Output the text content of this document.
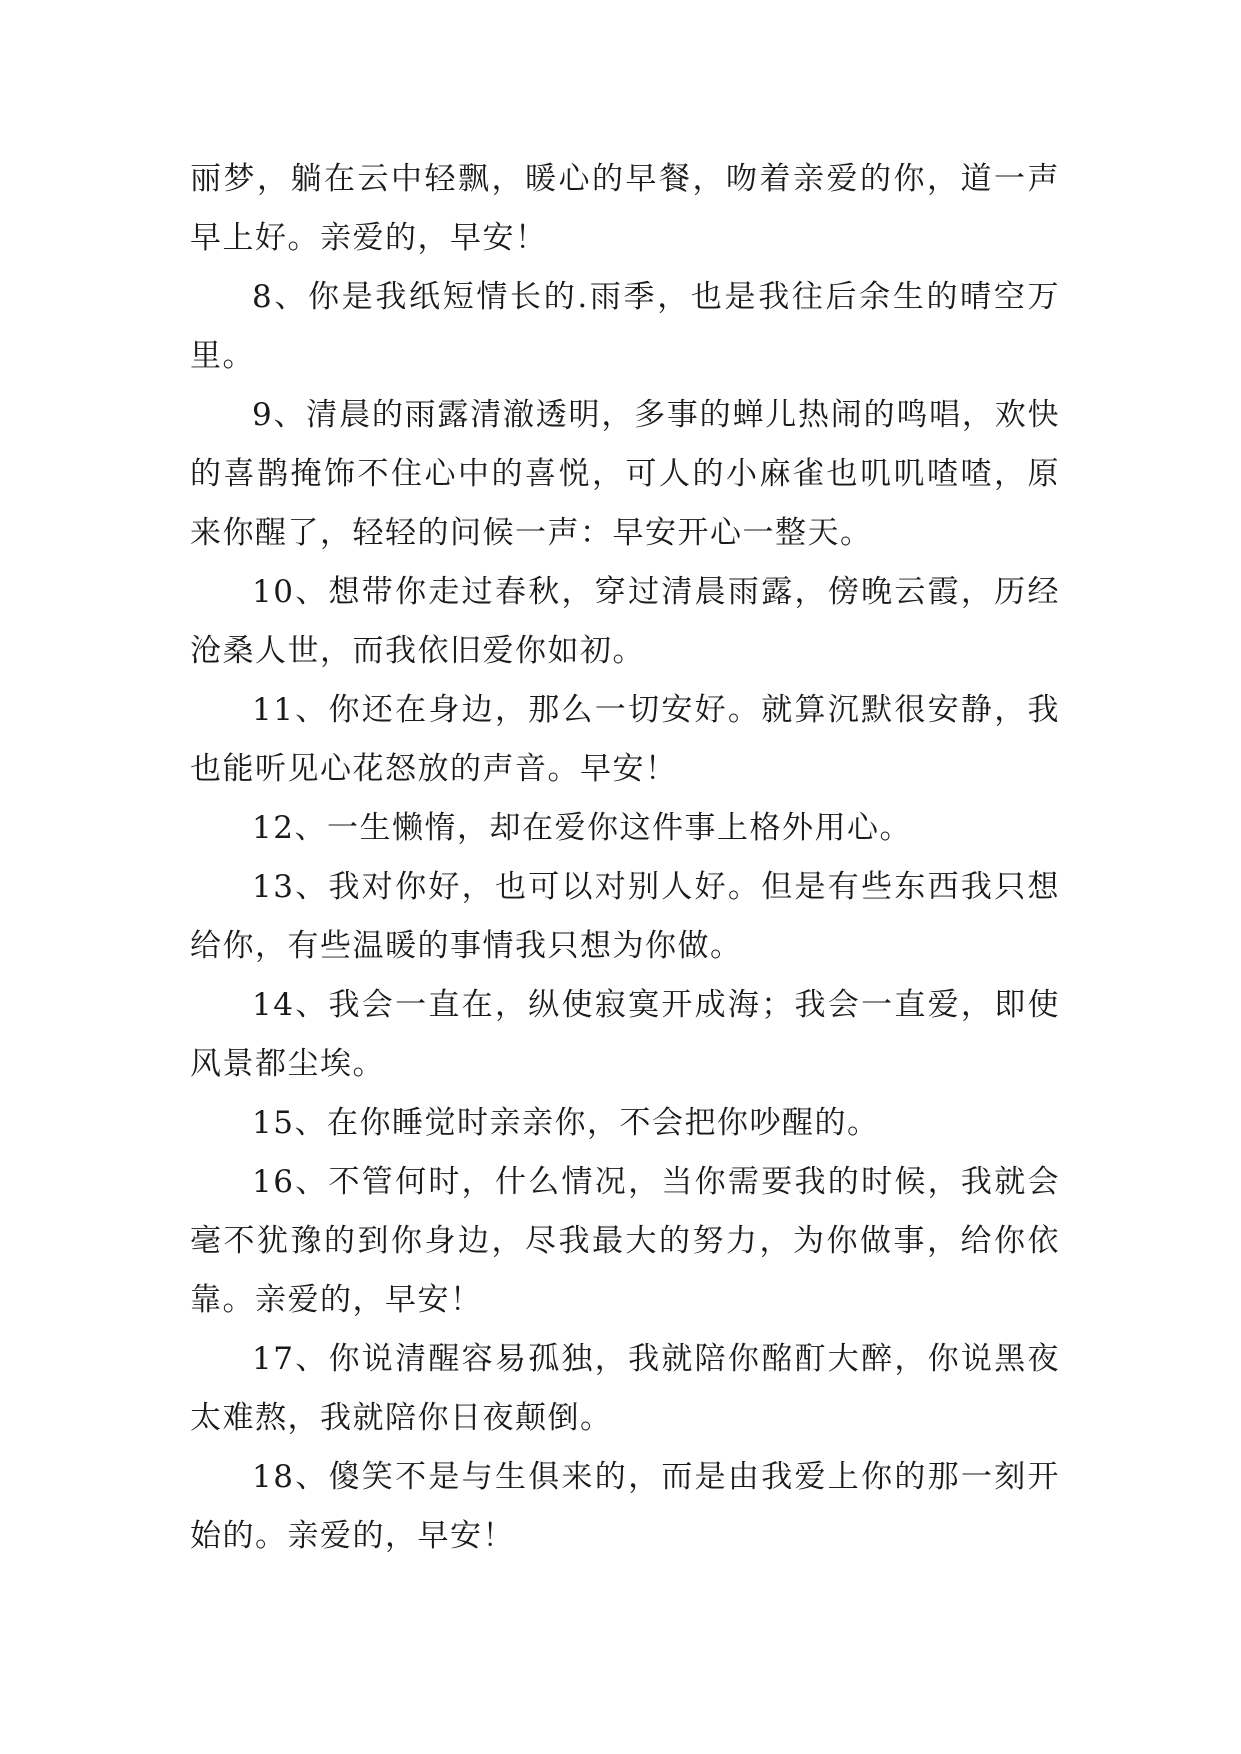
丽梦，躺在云中轻飘，暖心的早餐，吻着亲爱的你，道一声早上好。亲爱的，早安！

8、你是我纸短情长的.雨季，也是我往后余生的晴空万里。

9、清晨的雨露清澈透明，多事的蝉儿热闹的鸣唱，欢快的喜鹊掩饰不住心中的喜悦，可人的小麻雀也叽叽喳喳，原来你醒了，轻轻的问候一声：早安开心一整天。

10、想带你走过春秋，穿过清晨雨露，傍晚云霞，历经沧桑人世，而我依旧爱你如初。

11、你还在身边，那么一切安好。就算沉默很安静，我也能听见心花怒放的声音。早安！

12、一生懒惰，却在爱你这件事上格外用心。

13、我对你好，也可以对别人好。但是有些东西我只想给你，有些温暖的事情我只想为你做。

14、我会一直在，纵使寂寞开成海；我会一直爱，即使风景都尘埃。

15、在你睡觉时亲亲你，不会把你吵醒的。

16、不管何时，什么情况，当你需要我的时候，我就会毫不犹豫的到你身边，尽我最大的努力，为你做事，给你依靠。亲爱的，早安！

17、你说清醒容易孤独，我就陪你酩酊大醉，你说黑夜太难熬，我就陪你日夜颠倒。

18、傻笑不是与生俱来的，而是由我爱上你的那一刻开始的。亲爱的，早安！
